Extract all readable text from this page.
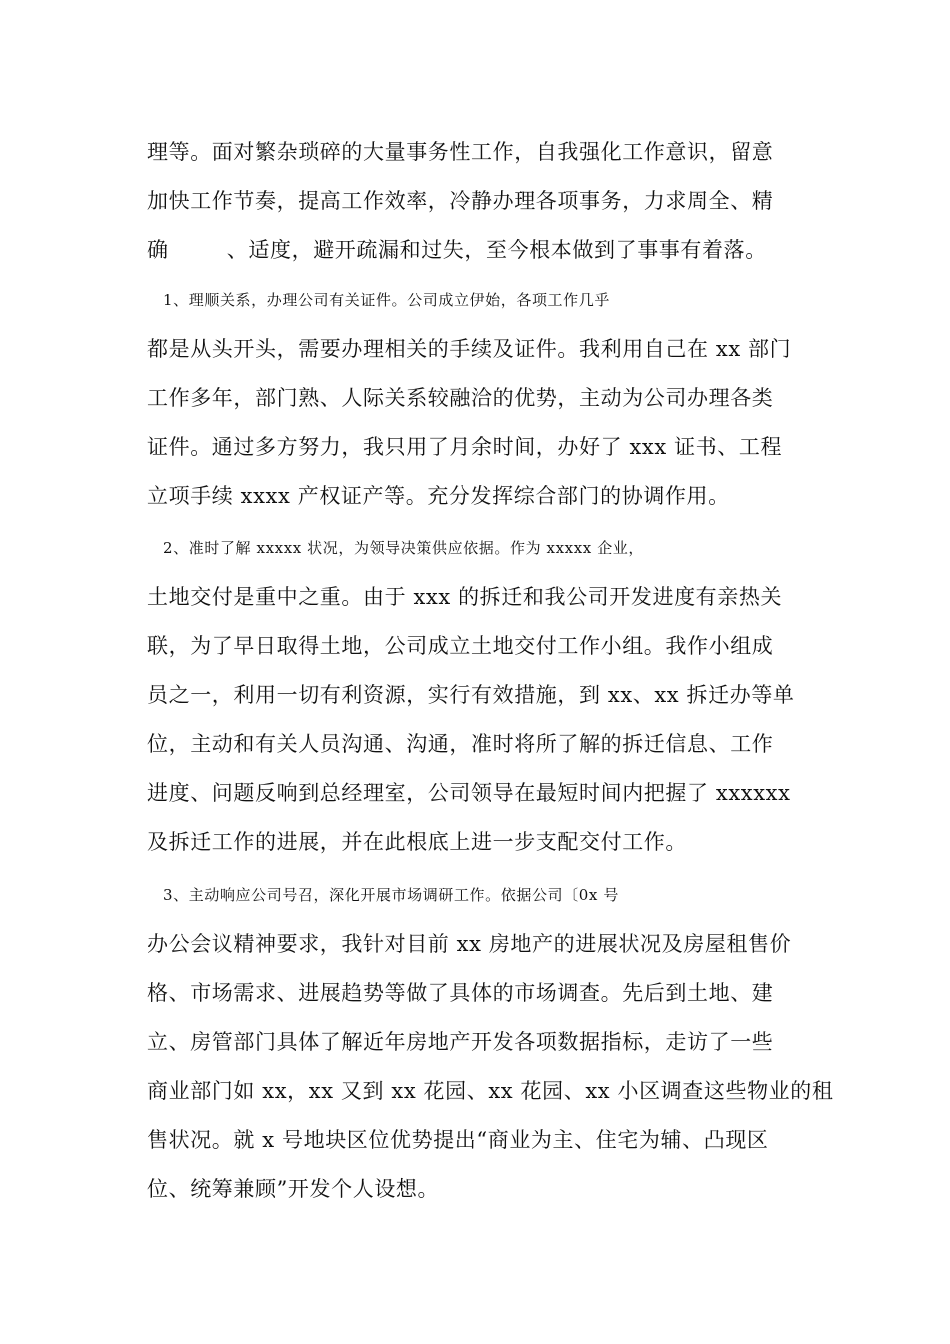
理等。面对繁杂琐碎的大量事务性工作，自我强化工作意识，留意
加快工作节奏，提高工作效率，冷静办理各项事务，力求周全、精
确        、适度，避开疏漏和过失，至今根本做到了事事有着落。
1、理顺关系，办理公司有关证件。公司成立伊始，各项工作几乎
都是从头开头，需要办理相关的手续及证件。我利用自己在 xx 部门
工作多年，部门熟、人际关系较融洽的优势，主动为公司办理各类
证件。通过多方努力，我只用了月余时间，办好了 xxx 证书、工程
立项手续 xxxx 产权证产等。充分发挥综合部门的协调作用。
2、准时了解 xxxxx 状况，为领导决策供应依据。作为 xxxxx 企业，
土地交付是重中之重。由于 xxx 的拆迁和我公司开发进度有亲热关
联，为了早日取得土地，公司成立土地交付工作小组。我作小组成
员之一，利用一切有利资源，实行有效措施，到 xx、xx 拆迁办等单
位，主动和有关人员沟通、沟通，准时将所了解的拆迁信息、工作
进度、问题反响到总经理室，公司领导在最短时间内把握了 xxxxxx
及拆迁工作的进展，并在此根底上进一步支配交付工作。
3、主动响应公司号召，深化开展市场调研工作。依据公司〔0x 号
办公会议精神要求，我针对目前 xx 房地产的进展状况及房屋租售价
格、市场需求、进展趋势等做了具体的市场调查。先后到土地、建
立、房管部门具体了解近年房地产开发各项数据指标，走访了一些
商业部门如 xx，xx 又到 xx 花园、xx 花园、xx 小区调查这些物业的租
售状况。就 x 号地块区位优势提出“商业为主、住宅为辅、凸现区
位、统筹兼顾”开发个人设想。
